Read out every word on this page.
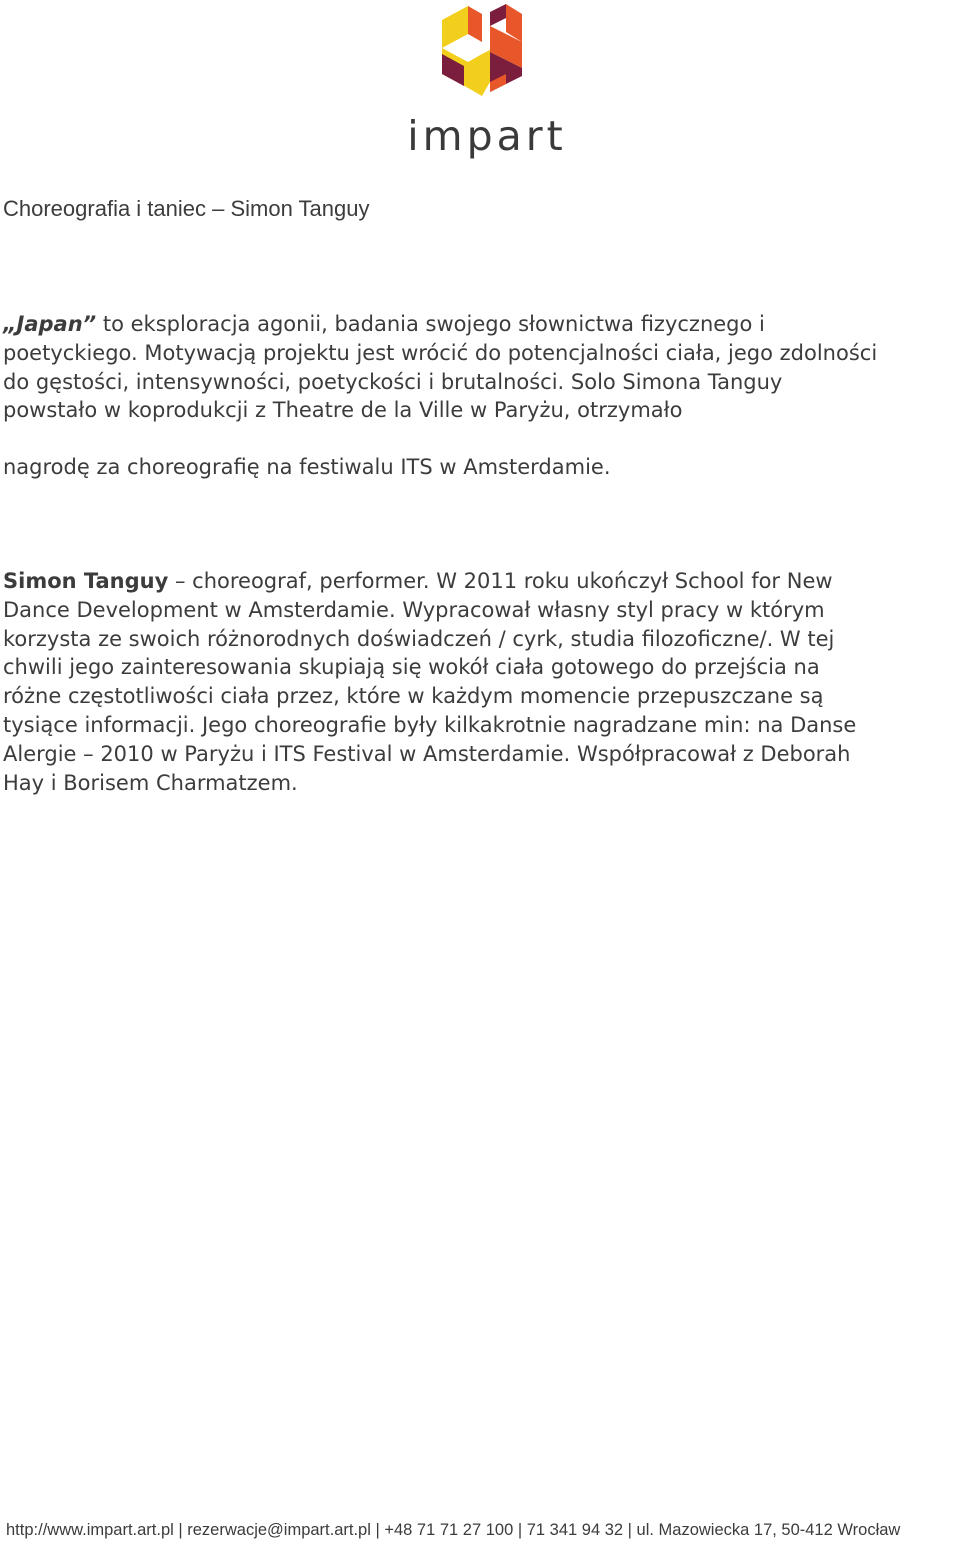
impart
Choreografia i taniec – Simon Tanguy

„Japan” to eksploracja agonii, badania swojego słownictwa fizycznego i
poetyckiego. Motywacją projektu jest wrócić do potencjalności ciała, jego zdolności
do gęstości, intensywności, poetyckości i brutalności. Solo Simona Tanguy
powstało w koprodukcji z Theatre de la Ville w Paryżu, otrzymało

nagrodę za choreografię na festiwalu ITS w Amsterdamie.

Simon Tanguy – choreograf, performer. W 2011 roku ukończył School for New
Dance Development w Amsterdamie. Wypracował własny styl pracy w którym
korzysta ze swoich różnorodnych doświadczeń / cyrk, studia filozoficzne/. W tej
chwili jego zainteresowania skupiają się wokół ciała gotowego do przejścia na
różne częstotliwości ciała przez, które w każdym momencie przepuszczane są
tysiące informacji. Jego choreografie były kilkakrotnie nagradzane min: na Danse
Alergie – 2010 w Paryżu i ITS Festival w Amsterdamie. Współpracował z Deborah
Hay i Borisem Charmatzem.

http://www.impart.art.pl | rezerwacje@impart.art.pl | +48 71 71 27 100 | 71 341 94 32 | ul. Mazowiecka 17, 50-412 Wrocław
